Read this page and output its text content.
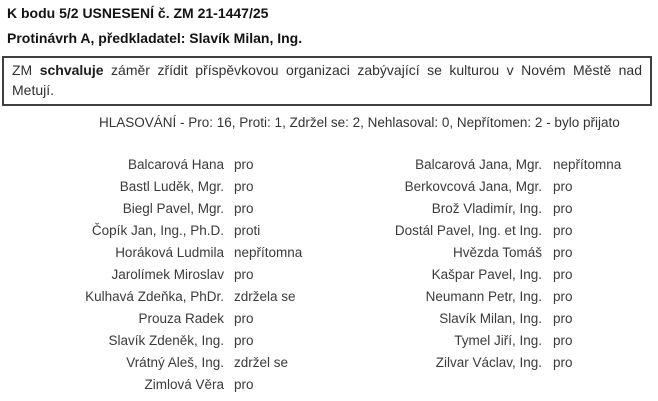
K bodu 5/2 USNESENÍ č. ZM 21-1447/25
Protinávrh A, předkladatel: Slavík Milan, Ing.
ZM schvaluje záměr zřídit příspěvkovou organizaci zabývající se kulturou v Novém Městě nad Metují.
HLASOVÁNÍ - Pro: 16, Proti: 1, Zdržel se: 2, Nehlasoval: 0, Nepřítomen: 2 - bylo přijato
Balcarová Hana pro
Bastl Luděk, Mgr. pro
Biegl Pavel, Mgr. pro
Čopík Jan, Ing., Ph.D. proti
Horáková Ludmila nepřítomna
Jarolímek Miroslav pro
Kulhavá Zdeňka, PhDr. zdržela se
Prouza Radek pro
Slavík Zdeněk, Ing. pro
Vrátný Aleš, Ing. zdržel se
Zimlová Věra pro
Balcarová Jana, Mgr. nepřítomna
Berkovcová Jana, Mgr. pro
Brož Vladimír, Ing. pro
Dostál Pavel, Ing. et Ing. pro
Hvězda Tomáš pro
Kašpar Pavel, Ing. pro
Neumann Petr, Ing. pro
Slavík Milan, Ing. pro
Tymel Jiří, Ing. pro
Zilvar Václav, Ing. pro
